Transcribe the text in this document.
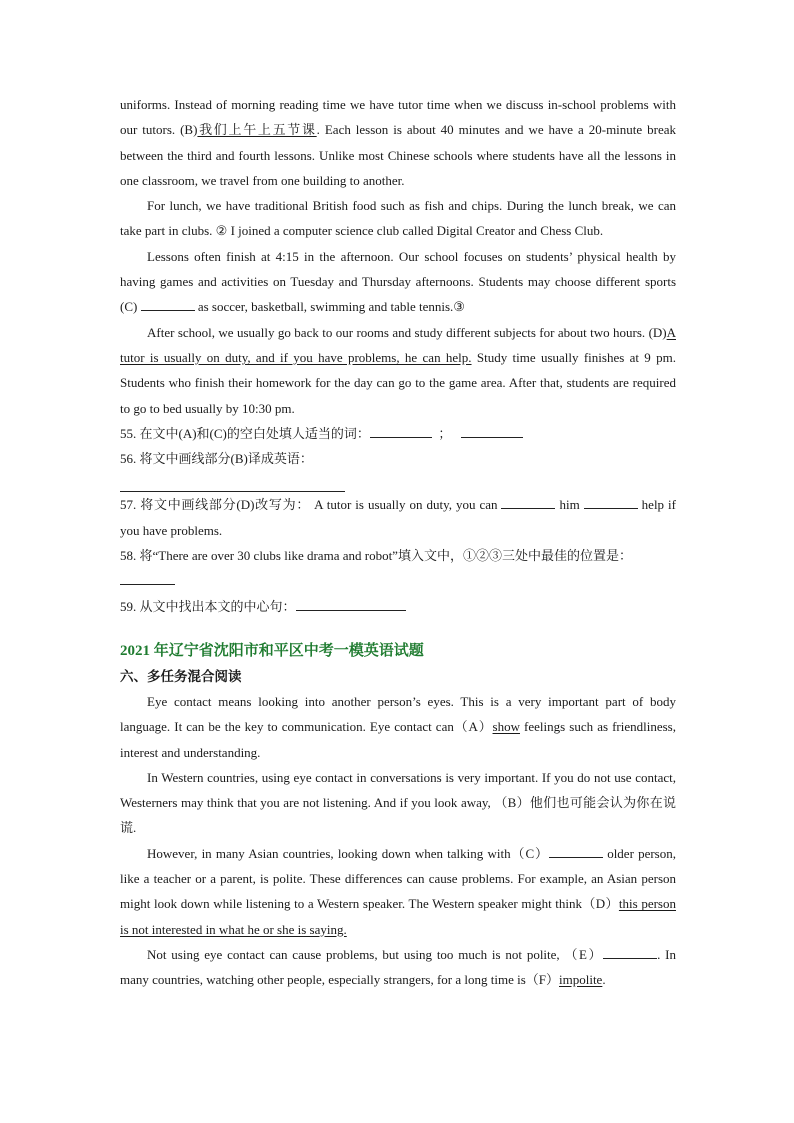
uniforms. Instead of morning reading time we have tutor time when we discuss in-school problems with our tutors. (B)我们上午上五节课. Each lesson is about 40 minutes and we have a 20-minute break between the third and fourth lessons. Unlike most Chinese schools where students have all the lessons in one classroom, we travel from one building to another.

For lunch, we have traditional British food such as fish and chips. During the lunch break, we can take part in clubs. ② I joined a computer science club called Digital Creator and Chess Club.

Lessons often finish at 4:15 in the afternoon. Our school focuses on students’ physical health by having games and activities on Tuesday and Thursday afternoons. Students may choose different sports (C)	as soccer, basketball, swimming and table tennis.③

After school, we usually go back to our rooms and study different subjects for about two hours. (D)A tutor is usually on duty, and if you have problems, he can help. Study time usually finishes at 9 pm. Students who finish their homework for the day can go to the game area. After that, students are required to go to bed usually by 10:30 pm.

55. 在文中(A)和(C)的空白处填人适当的词：	；

56. 将文中画线部分(B)译成英语：

57. 将文中画线部分(D)改写为： A tutor is usually on duty, you can	him	help if you have problems.

58. 将“There are over 30 clubs like drama and robot”填入文中，①②③三处中最佳的位置是：

59. 从文中找出本文的中心句：

2021 年辽宁省沈阳市和平区中考一模英语试题
六、多任务混合阅读

Eye contact means looking into another person’s eyes. This is a very important part of body language. It can be the key to communication. Eye contact can（A）show feelings such as friendliness, interest and understanding.

In Western countries, using eye contact in conversations is very important. If you do not use contact, Westerners may think that you are not listening. And if you look away, （B）他们也可能会认为你在说谎.

However, in many Asian countries, looking down when talking with（C）	older person, like a teacher or a parent, is polite. These differences can cause problems. For example, an Asian person might look down while listening to a Western speaker. The Western speaker might think（D）this person is not interested in what he or she is saying.

Not using eye contact can cause problems, but using too much is not polite, （E）	. In many countries, watching other people, especially strangers, for a long time is（F）impolite.
